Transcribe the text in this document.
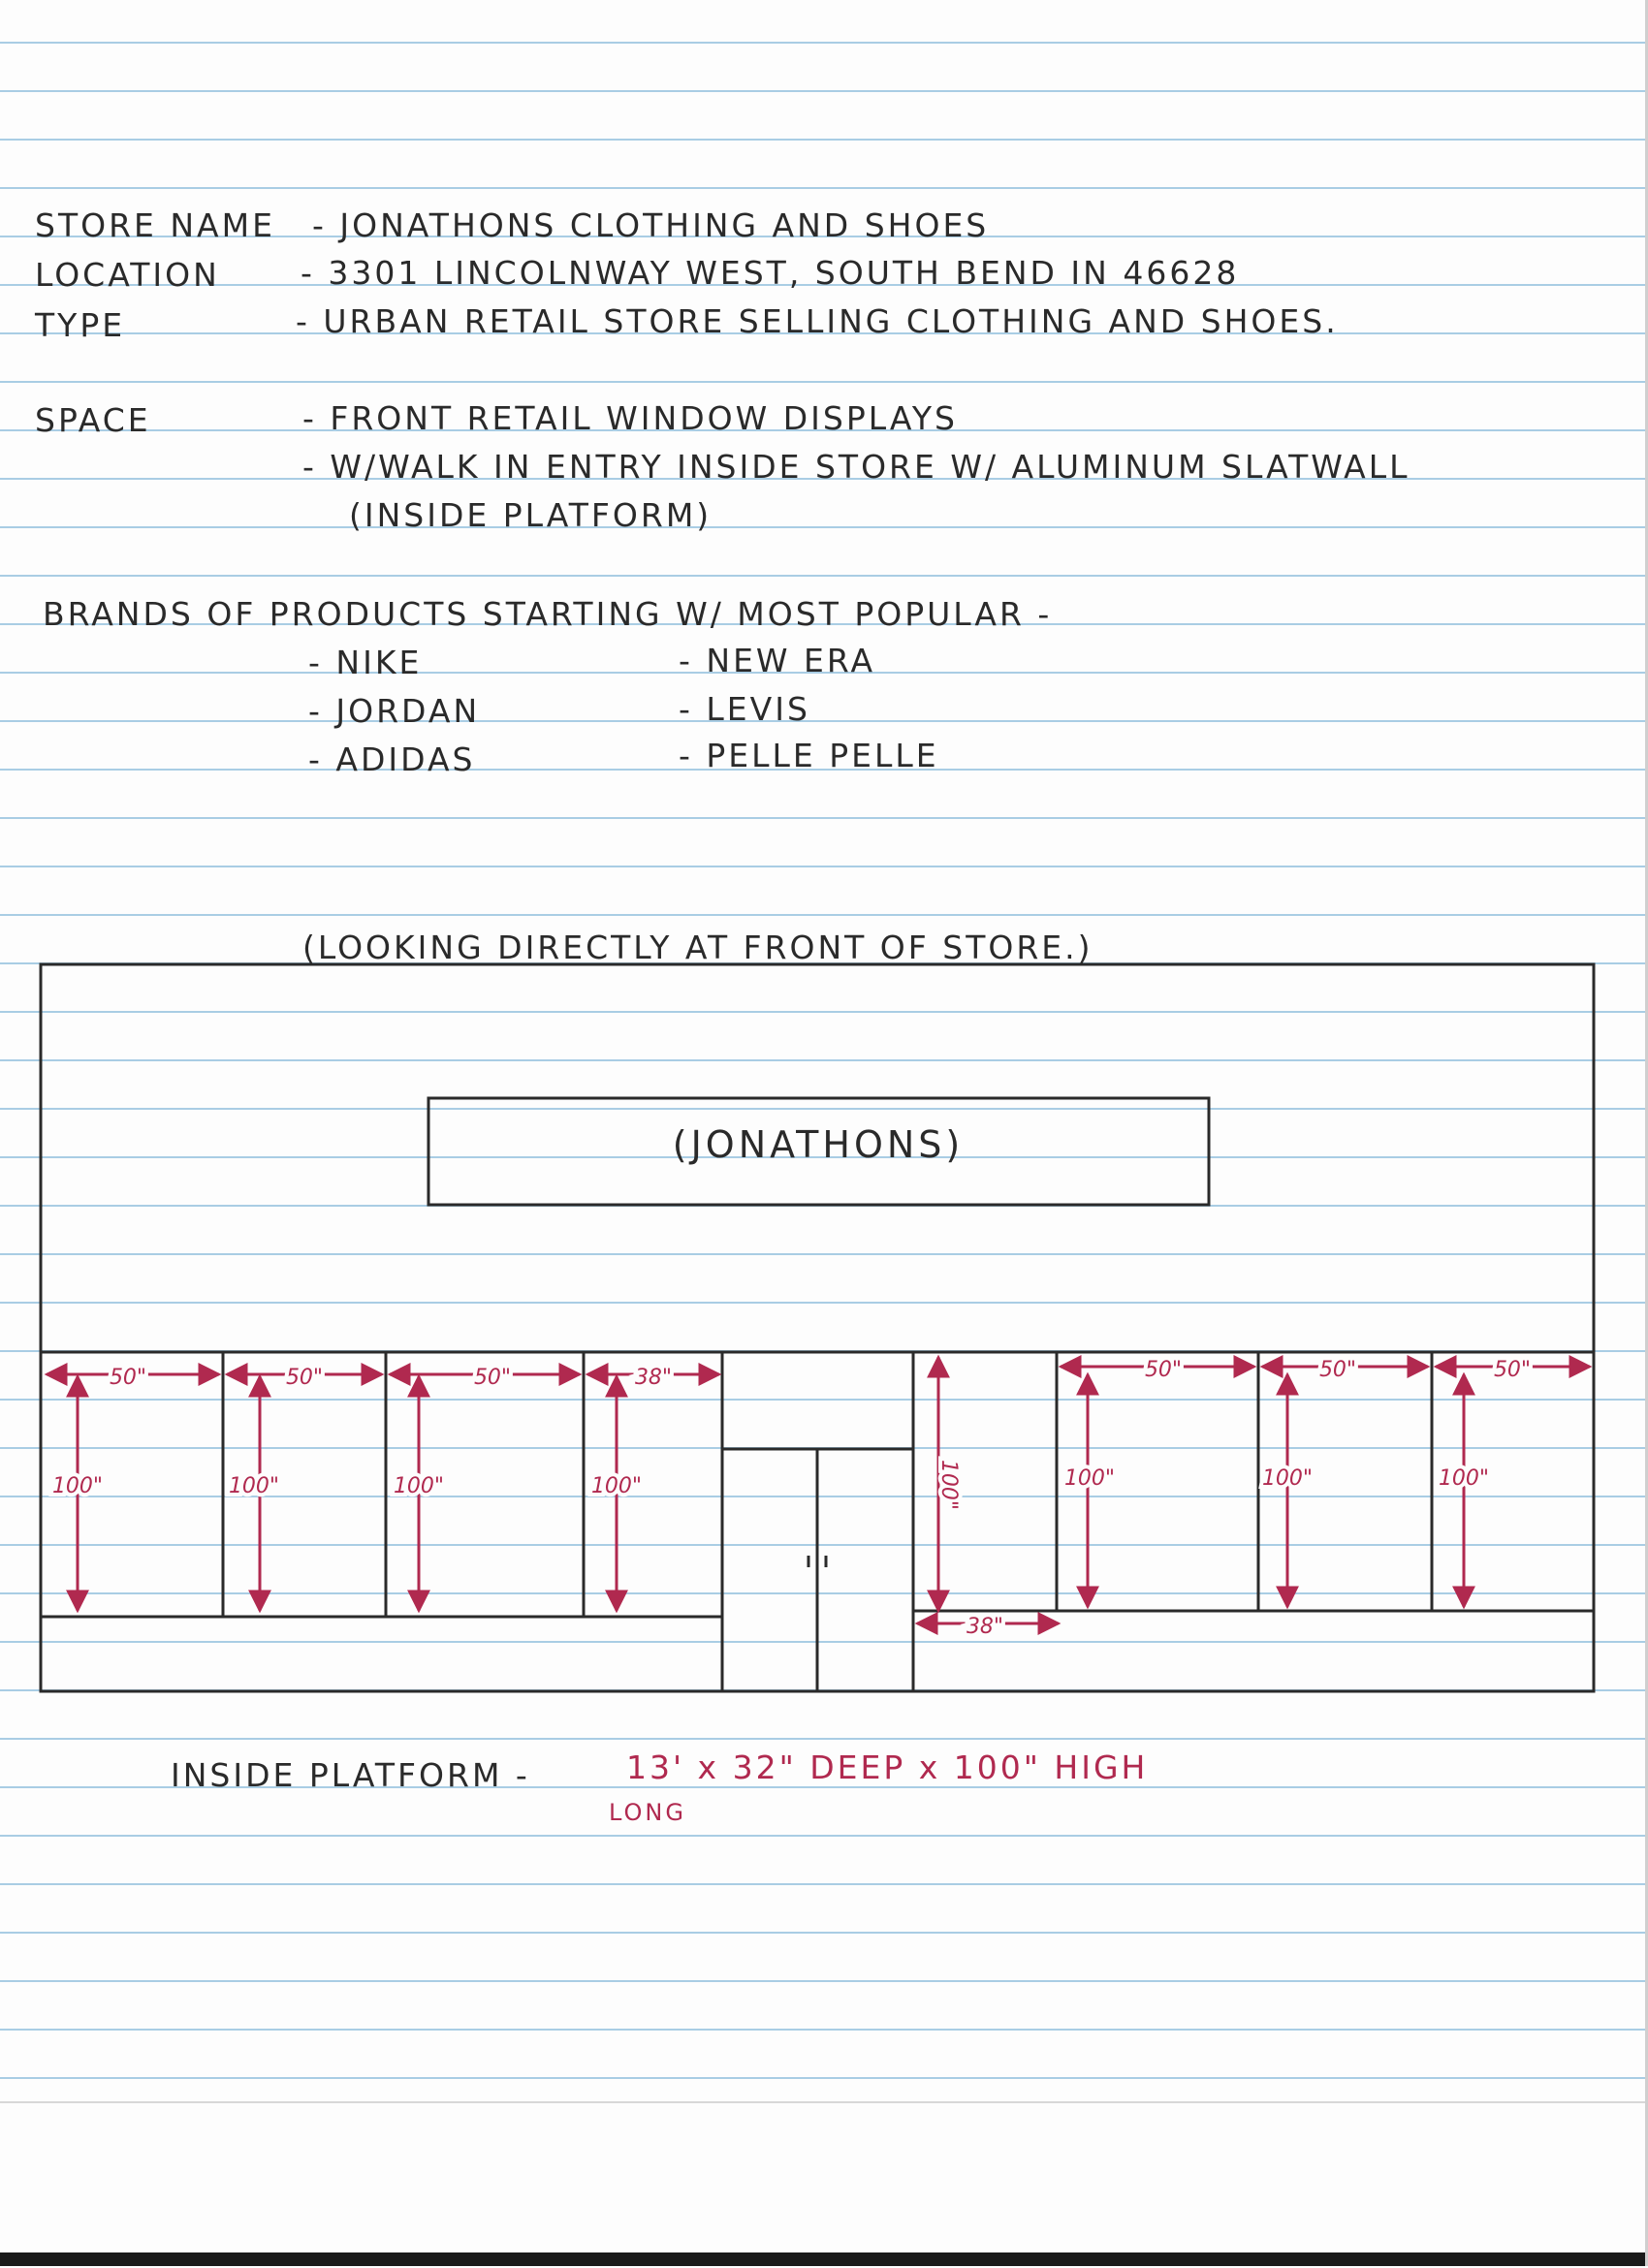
STORE NAME - JONATHONS CLOTHING AND SHOES
LOCATION	- 3301 LINCOLNWAY WEST, SOUTH BEND IN 46628
TYPE	- URBAN RETAIL STORE SELLING CLOTHING AND SHOES.
SPACE	- FRONT RETAIL WINDOW DISPLAYS
- W/WALK IN ENTRY INSIDE STORE W/ ALUMINUM SLATWALL
(INSIDE PLATFORM)
BRANDS OF PRODUCTS STARTING W/ MOST POPULAR -
- NIKE
- JORDAN
- ADIDAS
- NEW ERA
- LEVIS
- PELLE PELLE
(LOOKING DIRECTLY AT FRONT OF STORE.)
(JONATHONS)
50"	50"	50"	38"
100"	100"	100"	100"	100"
38"
50"	50"	50"
100"	100"	100"
INSIDE PLATFORM -	13' x 32" DEEP x 100" HIGH
LONG
